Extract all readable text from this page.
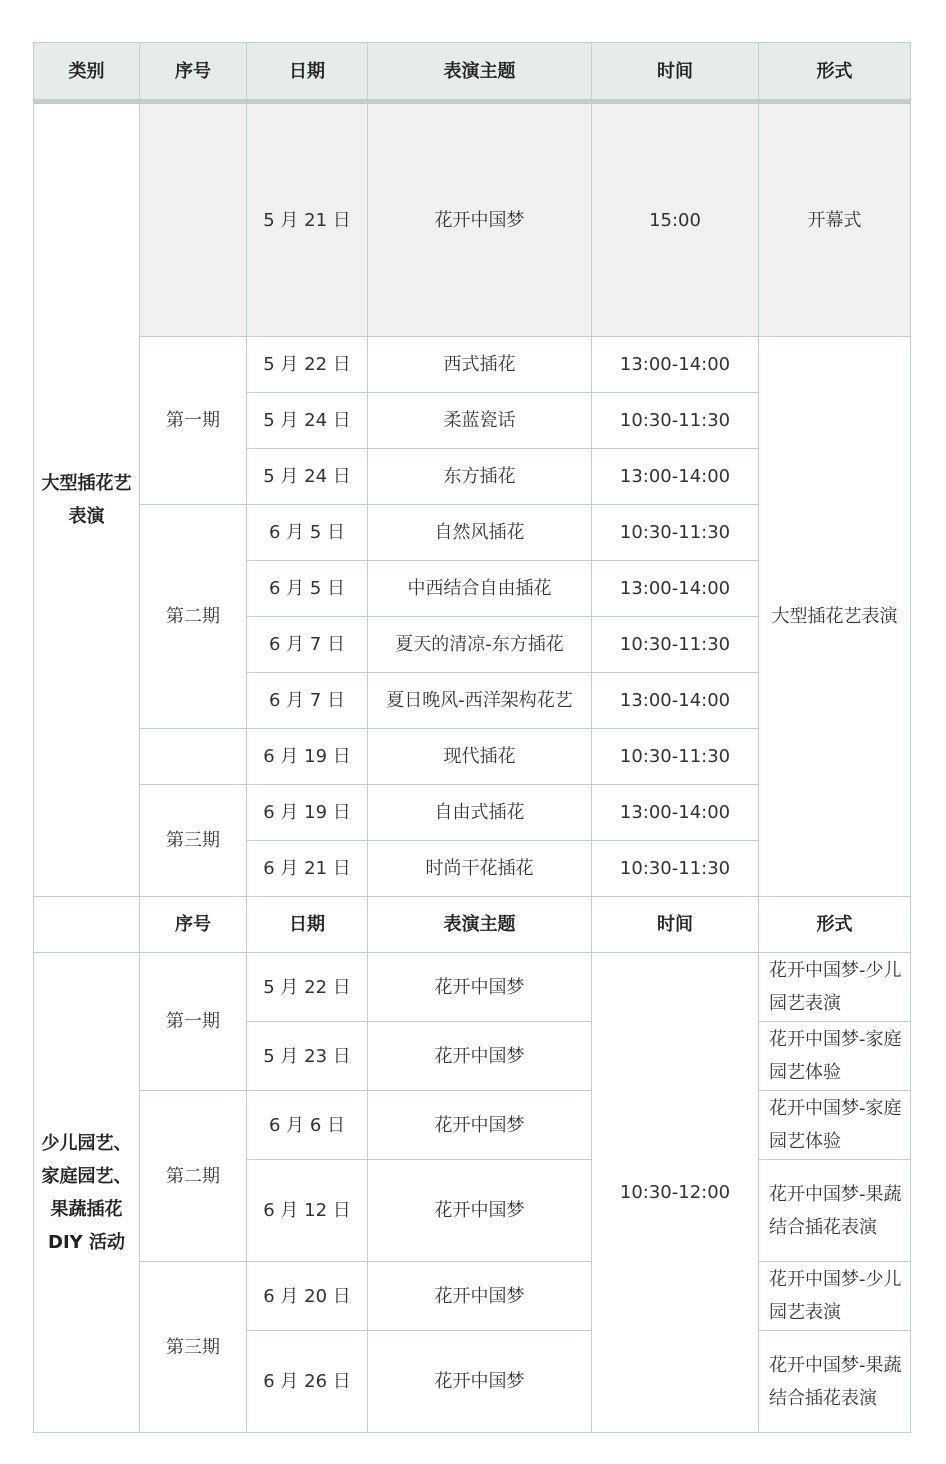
类别	序号	日期	表演主题	时间	形式
大型插花艺表演		5 月 21 日	花开中国梦	15:00	开幕式
	第一期	5 月 22 日	西式插花	13:00-14:00	大型插花艺表演
		5 月 24 日	柔蓝瓷话	10:30-11:30	
		5 月 24 日	东方插花	13:00-14:00	
	第二期	6 月 5 日	自然风插花	10:30-11:30	
		6 月 5 日	中西结合自由插花	13:00-14:00	
		6 月 7 日	夏天的清凉-东方插花	10:30-11:30	
		6 月 7 日	夏日晚风-西洋架构花艺	13:00-14:00	
		6 月 19 日	现代插花	10:30-11:30	
	第三期	6 月 19 日	自由式插花	13:00-14:00	
		6 月 21 日	时尚干花插花	10:30-11:30	

	序号	日期	表演主题	时间	形式
少儿园艺、家庭园艺、果蔬插花 DIY 活动	第一期	5 月 22 日	花开中国梦	10:30-12:00	花开中国梦-少儿园艺表演
		5 月 23 日	花开中国梦		花开中国梦-家庭园艺体验
	第二期	6 月 6 日	花开中国梦		花开中国梦-家庭园艺体验
		6 月 12 日	花开中国梦		花开中国梦-果蔬结合插花表演
	第三期	6 月 20 日	花开中国梦		花开中国梦-少儿园艺表演
		6 月 26 日	花开中国梦		花开中国梦-果蔬结合插花表演
